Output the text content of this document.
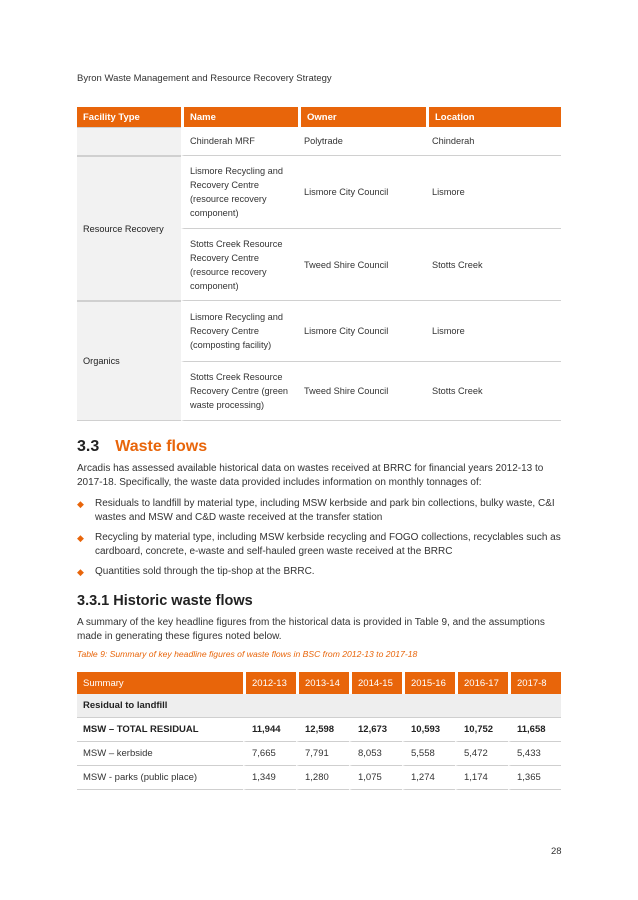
Byron Waste Management and Resource Recovery Strategy
Facility Type	Name	Owner	Location
	Chinderah MRF	Polytrade	Chinderah
Resource Recovery	Lismore Recycling and Recovery Centre (resource recovery component)	Lismore City Council	Lismore
	Stotts Creek Resource Recovery Centre (resource recovery component)	Tweed Shire Council	Stotts Creek
Organics	Lismore Recycling and Recovery Centre (composting facility)	Lismore City Council	Lismore
	Stotts Creek Resource Recovery Centre (green waste processing)	Tweed Shire Council	Stotts Creek
3.3 Waste flows

Arcadis has assessed available historical data on wastes received at BRRC for financial years 2012-13 to 2017-18. Specifically, the waste data provided includes information on monthly tonnages of:

◆ Residuals to landfill by material type, including MSW kerbside and park bin collections, bulky waste, C&I wastes and MSW and C&D waste received at the transfer station
◆ Recycling by material type, including MSW kerbside recycling and FOGO collections, recyclables such as cardboard, concrete, e-waste and self-hauled green waste received at the BRRC
◆ Quantities sold through the tip-shop at the BRRC.
3.3.1 Historic waste flows

A summary of the key headline figures from the historical data is provided in Table 9, and the assumptions made in generating these figures noted below.

Table 9: Summary of key headline figures of waste flows in BSC from 2012-13 to 2017-18
Summary	2012-13	2013-14	2014-15	2015-16	2016-17	2017-8
Residual to landfill						
MSW – TOTAL RESIDUAL	11,944	12,598	12,673	10,593	10,752	11,658
MSW – kerbside	7,665	7,791	8,053	5,558	5,472	5,433
MSW - parks (public place)	1,349	1,280	1,075	1,274	1,174	1,365
28
